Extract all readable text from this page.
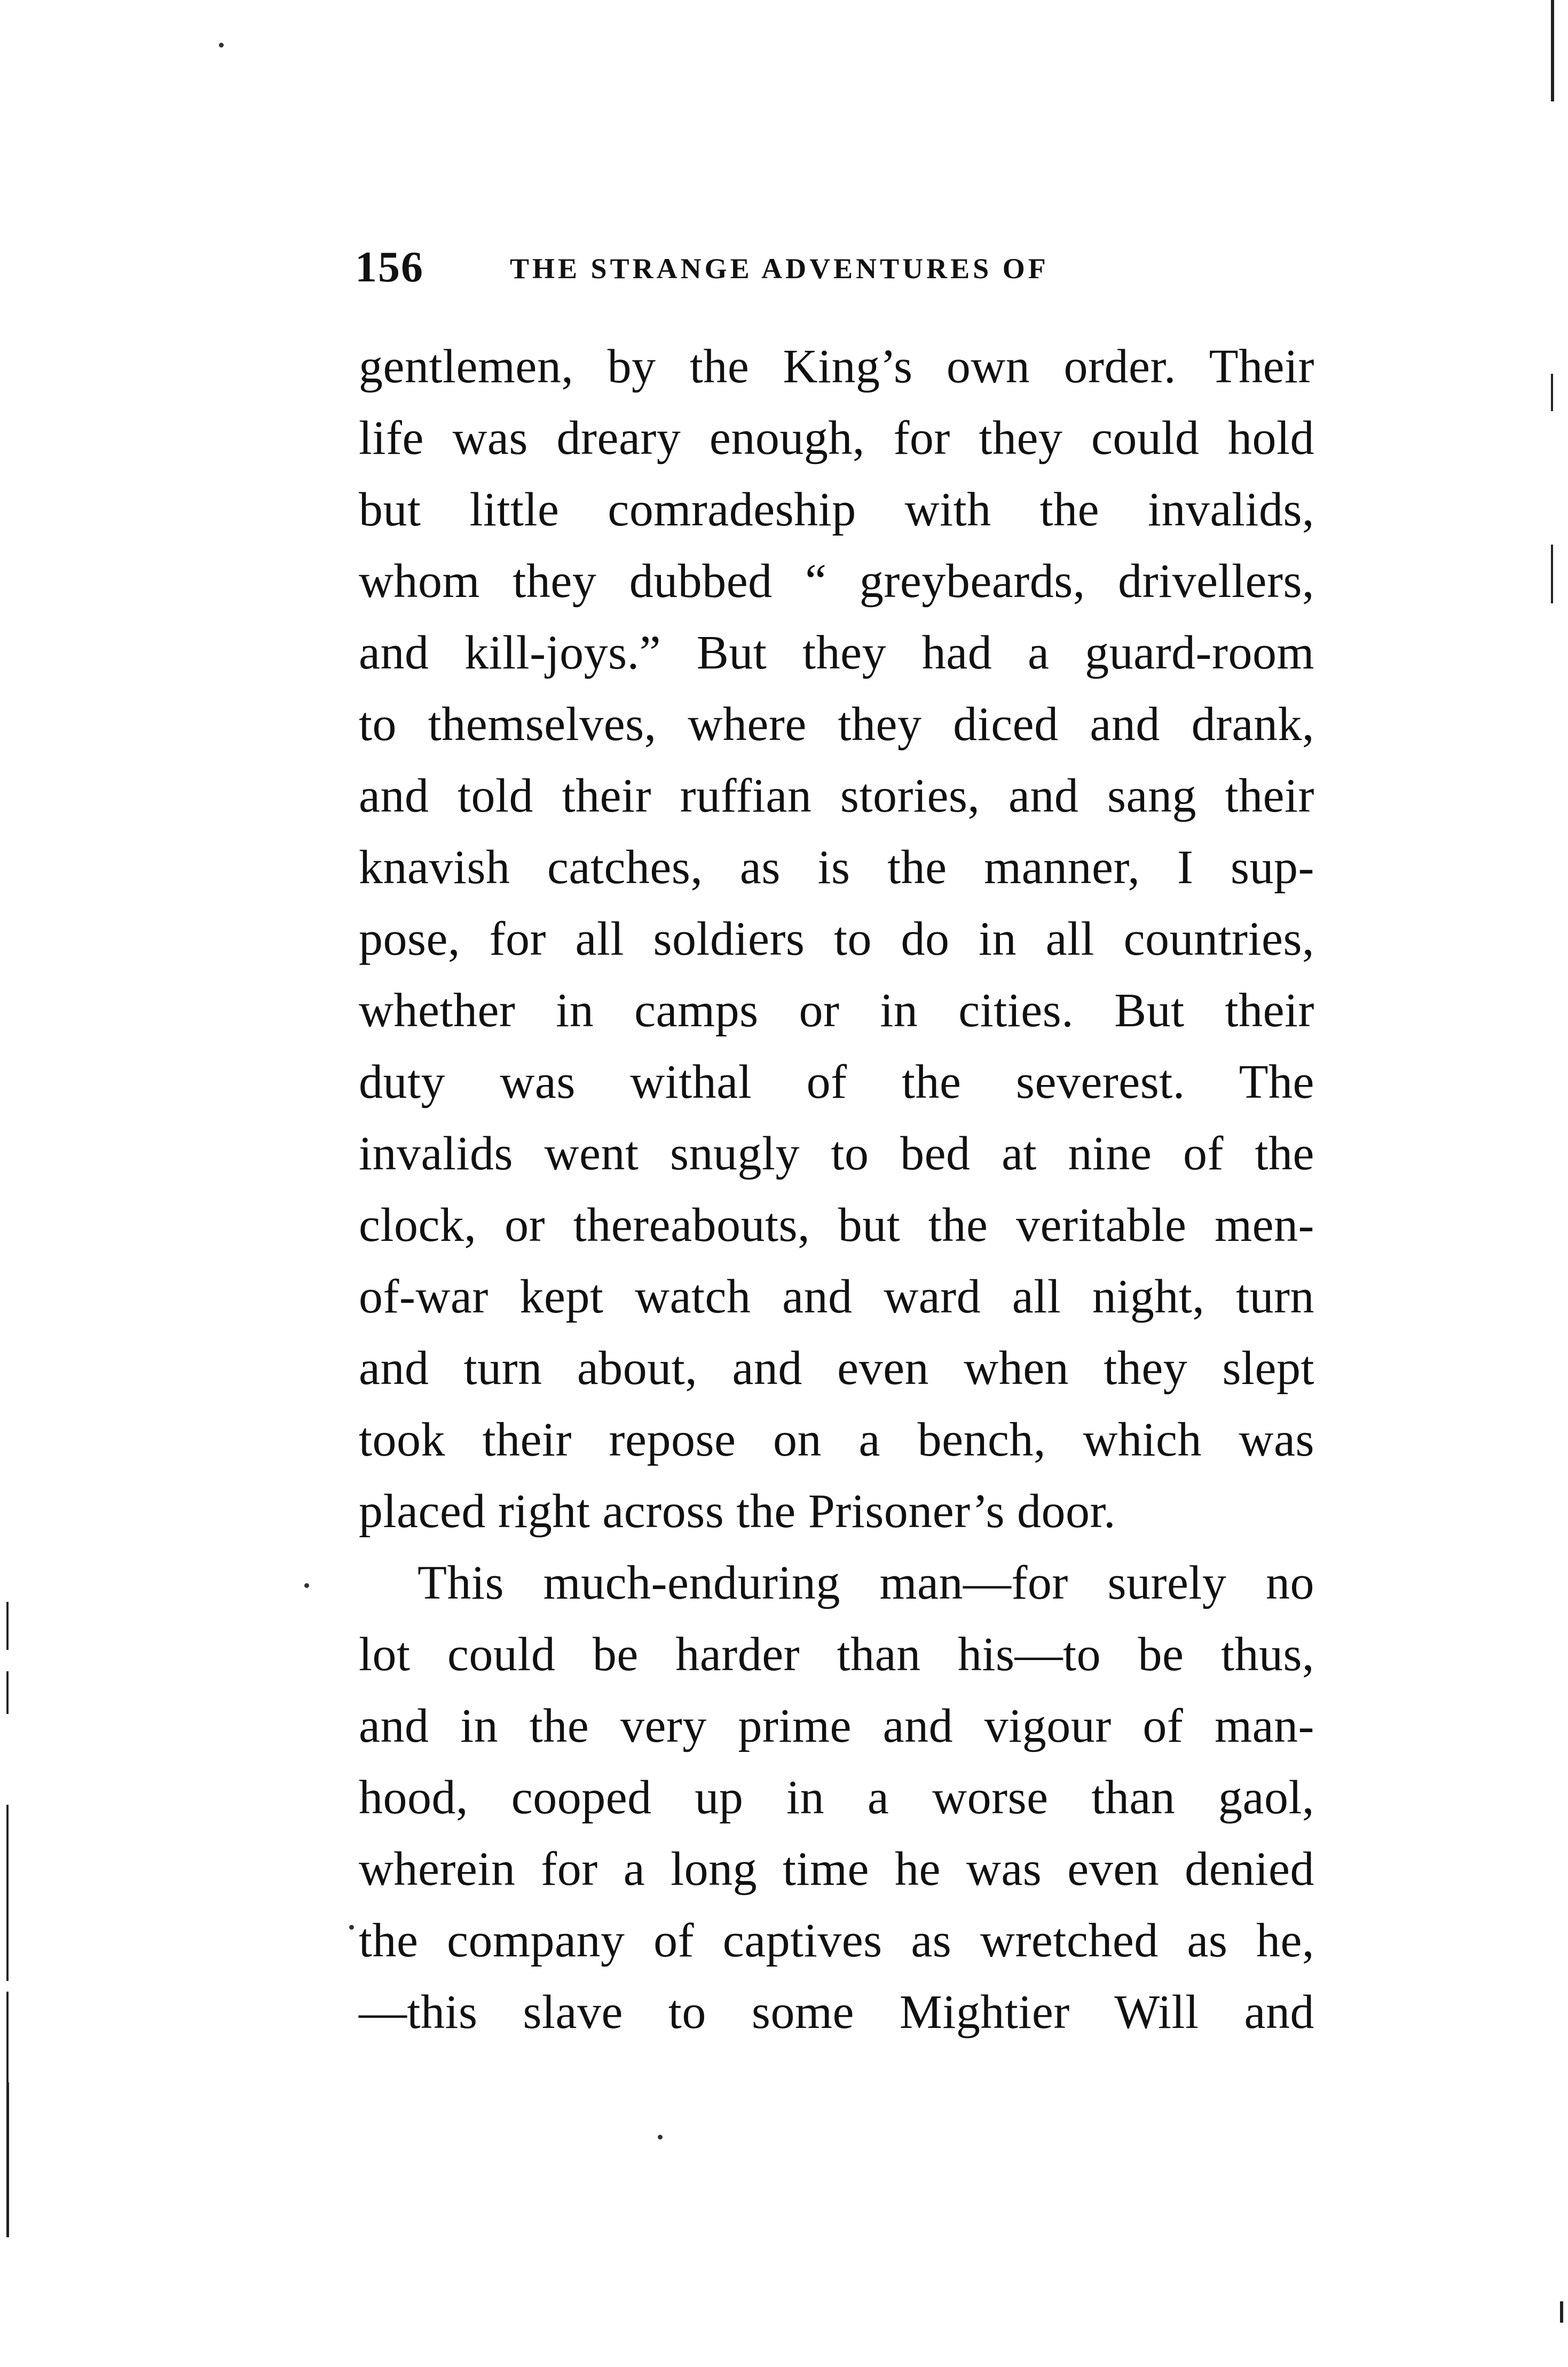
156	THE STRANGE ADVENTURES OF
gentlemen, by the King’s own order. Their
life was dreary enough, for they could hold
but little comradeship with the invalids,
whom they dubbed “ greybeards, drivellers,
and kill-joys.” But they had a guard-room
to themselves, where they diced and drank,
and told their ruffian stories, and sang their
knavish catches, as is the manner, I sup-
pose, for all soldiers to do in all countries,
whether in camps or in cities. But their
duty was withal of the severest. The
invalids went snugly to bed at nine of the
clock, or thereabouts, but the veritable men-
of-war kept watch and ward all night, turn
and turn about, and even when they slept
took their repose on a bench, which was
placed right across the Prisoner’s door.
This much-enduring man—for surely no
lot could be harder than his—to be thus,
and in the very prime and vigour of man-
hood, cooped up in a worse than gaol,
wherein for a long time he was even denied
the company of captives as wretched as he,
—this slave to some Mightier Will and
